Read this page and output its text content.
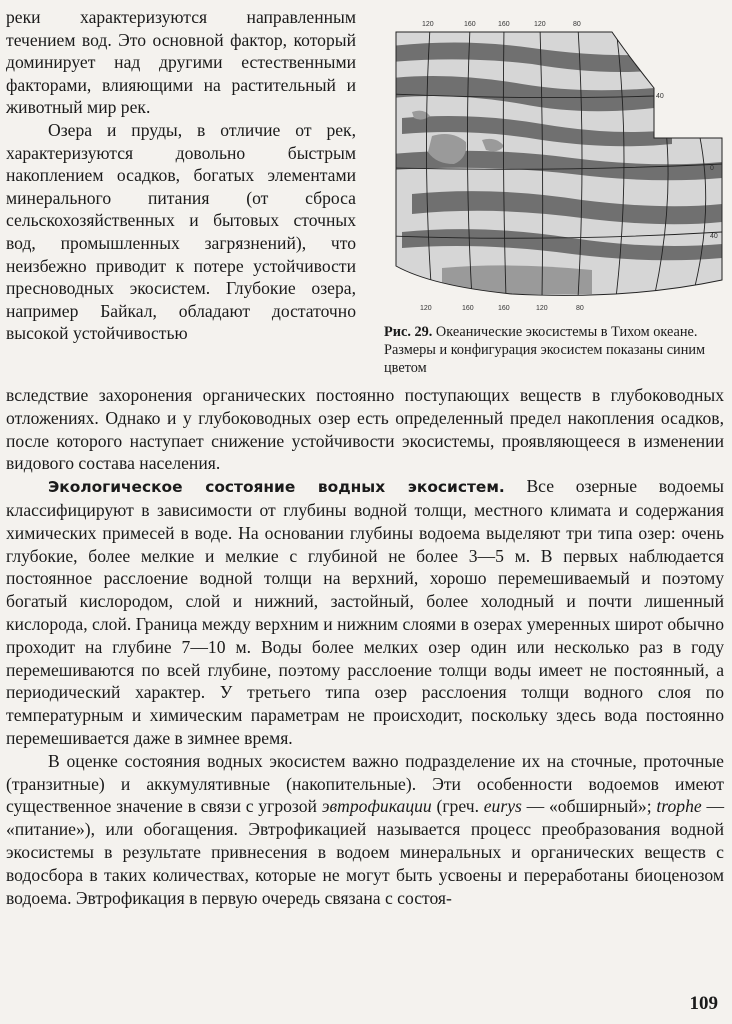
реки характеризуются направленным течением вод. Это основной фактор, который доминирует над другими естественными факторами, влияющими на растительный и животный мир рек.

Озера и пруды, в отличие от рек, характеризуются довольно быстрым накоплением осадков, богатых элементами минерального питания (от сброса сельскохозяйственных и бытовых сточных вод, промышленных загрязнений), что неизбежно приводит к потере устойчивости пресноводных экосистем. Глубокие озера, например Байкал, обладают достаточно высокой устойчивостью

120	160	160	120	80
40
0
40
120	160	160	120	80
Рис. 29. Океанические экосистемы в Тихом океане. Размеры и конфигурация экосистем показаны синим цветом

вследствие захоронения органических постоянно поступающих веществ в глубоководных отложениях. Однако и у глубоководных озер есть определенный предел накопления осадков, после которого наступает снижение устойчивости экосистемы, проявляющееся в изменении видового состава населения.

Экологическое состояние водных экосистем. Все озерные водоемы классифицируют в зависимости от глубины водной толщи, местного климата и содержания химических примесей в воде. На основании глубины водоема выделяют три типа озер: очень глубокие, более мелкие и мелкие с глубиной не более 3—5 м. В первых наблюдается постоянное расслоение водной толщи на верхний, хорошо перемешиваемый и поэтому богатый кислородом, слой и нижний, застойный, более холодный и почти лишенный кислорода, слой. Граница между верхним и нижним слоями в озерах умеренных широт обычно проходит на глубине 7—10 м. Воды более мелких озер один или несколько раз в году перемешиваются по всей глубине, поэтому расслоение толщи воды имеет не постоянный, а периодический характер. У третьего типа озер расслоения толщи водного слоя по температурным и химическим параметрам не происходит, поскольку здесь вода постоянно перемешивается даже в зимнее время.

В оценке состояния водных экосистем важно подразделение их на сточные, проточные (транзитные) и аккумулятивные (накопительные). Эти особенности водоемов имеют существенное значение в связи с угрозой эвтрофикации (греч. eurys — «обширный»; trophe — «питание»), или обогащения. Эвтрофикацией называется процесс преобразования водной экосистемы в результате привнесения в водоем минеральных и органических веществ с водосбора в таких количествах, которые не могут быть усвоены и переработаны биоценозом водоема. Эвтрофикация в первую очередь связана с состоя-

109
